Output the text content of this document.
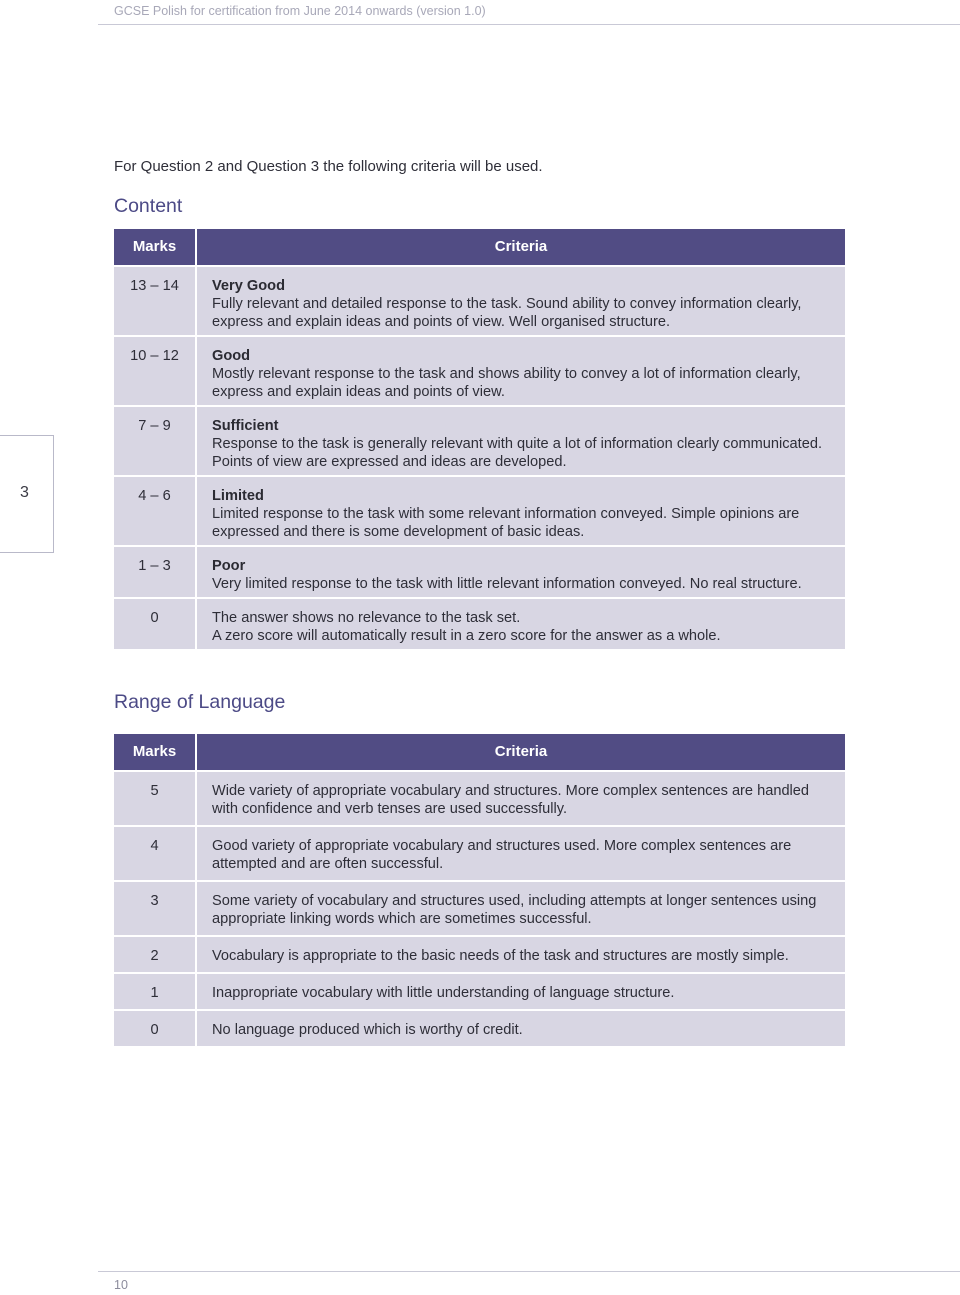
GCSE Polish for certification from June 2014 onwards (version 1.0)
3
For Question 2 and Question 3 the following criteria will be used.
Content
Marks	Criteria
13 – 14	Very Good
Fully relevant and detailed response to the task. Sound ability to convey information clearly, express and explain ideas and points of view. Well organised structure.

10 – 12	Good
Mostly relevant response to the task and shows ability to convey a lot of information clearly, express and explain ideas and points of view.

7 – 9	Sufficient
Response to the task is generally relevant with quite a lot of information clearly communicated. Points of view are expressed and ideas are developed.

4 – 6	Limited
Limited response to the task with some relevant information conveyed. Simple opinions are expressed and there is some development of basic ideas.

1 – 3	Poor
Very limited response to the task with little relevant information conveyed. No real structure.

0	The answer shows no relevance to the task set.
A zero score will automatically result in a zero score for the answer as a whole.
Range of Language
Marks	Criteria
5	Wide variety of appropriate vocabulary and structures. More complex sentences are handled with confidence and verb tenses are used successfully.
4	Good variety of appropriate vocabulary and structures used. More complex sentences are attempted and are often successful.
3	Some variety of vocabulary and structures used, including attempts at longer sentences using appropriate linking words which are sometimes successful.
2	Vocabulary is appropriate to the basic needs of the task and structures are mostly simple.
1	Inappropriate vocabulary with little understanding of language structure.
0	No language produced which is worthy of credit.
10
